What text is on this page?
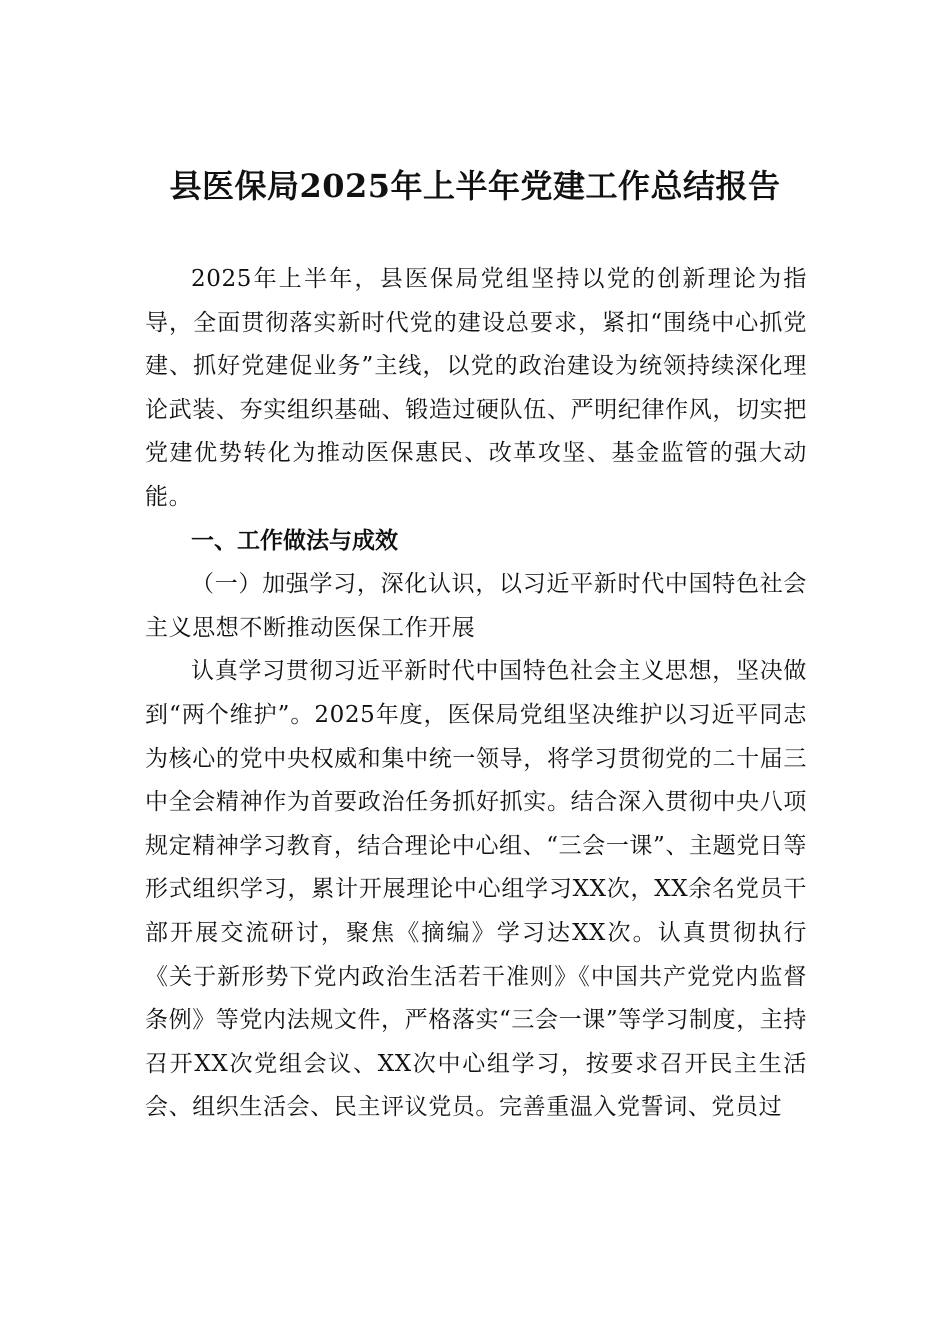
县医保局2025年上半年党建工作总结报告

2025年上半年，县医保局党组坚持以党的创新理论为指导，全面贯彻落实新时代党的建设总要求，紧扣“围绕中心抓党建、抓好党建促业务”主线，以党的政治建设为统领持续深化理论武装、夯实组织基础、锻造过硬队伍、严明纪律作风，切实把党建优势转化为推动医保惠民、改革攻坚、基金监管的强大动能。

一、工作做法与成效
（一）加强学习，深化认识，以习近平新时代中国特色社会主义思想不断推动医保工作开展

认真学习贯彻习近平新时代中国特色社会主义思想，坚决做到“两个维护”。2025年度，医保局党组坚决维护以习近平同志为核心的党中央权威和集中统一领导，将学习贯彻党的二十届三中全会精神作为首要政治任务抓好抓实。结合深入贯彻中央八项规定精神学习教育，结合理论中心组、“三会一课”、主题党日等形式组织学习，累计开展理论中心组学习XX次，XX余名党员干部开展交流研讨，聚焦《摘编》学习达XX次。认真贯彻执行《关于新形势下党内政治生活若干准则》《中国共产党党内监督条例》等党内法规文件，严格落实“三会一课”等学习制度，主持召开XX次党组会议、XX次中心组学习，按要求召开民主生活会、组织生活会、民主评议党员。完善重温入党誓词、党员过
